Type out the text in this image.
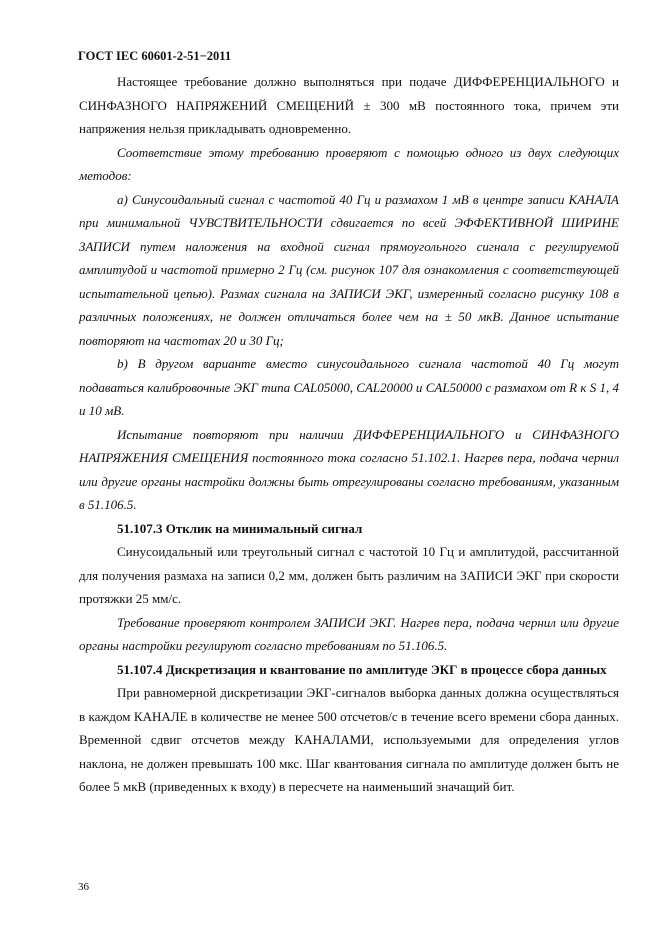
ГОСТ IEC 60601-2-51−2011

Настоящее требование должно выполняться при подаче ДИФФЕРЕНЦИАЛЬНОГО и СИНФАЗНОГО НАПРЯЖЕНИЙ СМЕЩЕНИЙ ± 300 мВ постоянного тока, причем эти напряжения нельзя прикладывать одновременно.

Соответствие этому требованию проверяют с помощью одного из двух следующих методов:

а) Синусоидальный сигнал с частотой 40 Гц и размахом 1 мВ в центре записи КАНАЛА при минимальной ЧУВСТВИТЕЛЬНОСТИ сдвигается по всей ЭФФЕКТИВНОЙ ШИРИНЕ ЗАПИСИ путем наложения на входной сигнал прямоугольного сигнала с регулируемой амплитудой и частотой примерно 2 Гц (см. рисунок 107 для ознакомления с соответствующей испытательной цепью). Размах сигнала на ЗАПИСИ ЭКГ, измеренный согласно рисунку 108 в различных положениях, не должен отличаться более чем на ± 50 мкВ. Данное испытание повторяют на частотах 20 и 30 Гц;

b) В другом варианте вместо синусоидального сигнала частотой 40 Гц могут подаваться калибровочные ЭКГ типа CAL05000, CAL20000 и CAL50000 с размахом от R к S 1, 4 и 10 мВ.

Испытание повторяют при наличии ДИФФЕРЕНЦИАЛЬНОГО и СИНФАЗНОГО НАПРЯЖЕНИЯ СМЕЩЕНИЯ постоянного тока согласно 51.102.1. Нагрев пера, подача чернил или другие органы настройки должны быть отрегулированы согласно требованиям, указанным в 51.106.5.

51.107.3 Отклик на минимальный сигнал

Синусоидальный или треугольный сигнал с частотой 10 Гц и амплитудой, рассчитанной для получения размаха на записи 0,2 мм, должен быть различим на ЗАПИСИ ЭКГ при скорости протяжки 25 мм/с.

Требование проверяют контролем ЗАПИСИ ЭКГ. Нагрев пера, подача чернил или другие органы настройки регулируют согласно требованиям по 51.106.5.

51.107.4 Дискретизация и квантование по амплитуде ЭКГ в процессе сбора данных

При равномерной дискретизации ЭКГ-сигналов выборка данных должна осуществляться в каждом КАНАЛЕ в количестве не менее 500 отсчетов/с в течение всего времени сбора данных. Временной сдвиг отсчетов между КАНАЛАМИ, используемыми для определения углов наклона, не должен превышать 100 мкс. Шаг квантования сигнала по амплитуде должен быть не более 5 мкВ (приведенных к входу) в пересчете на наименьший значащий бит.

36
